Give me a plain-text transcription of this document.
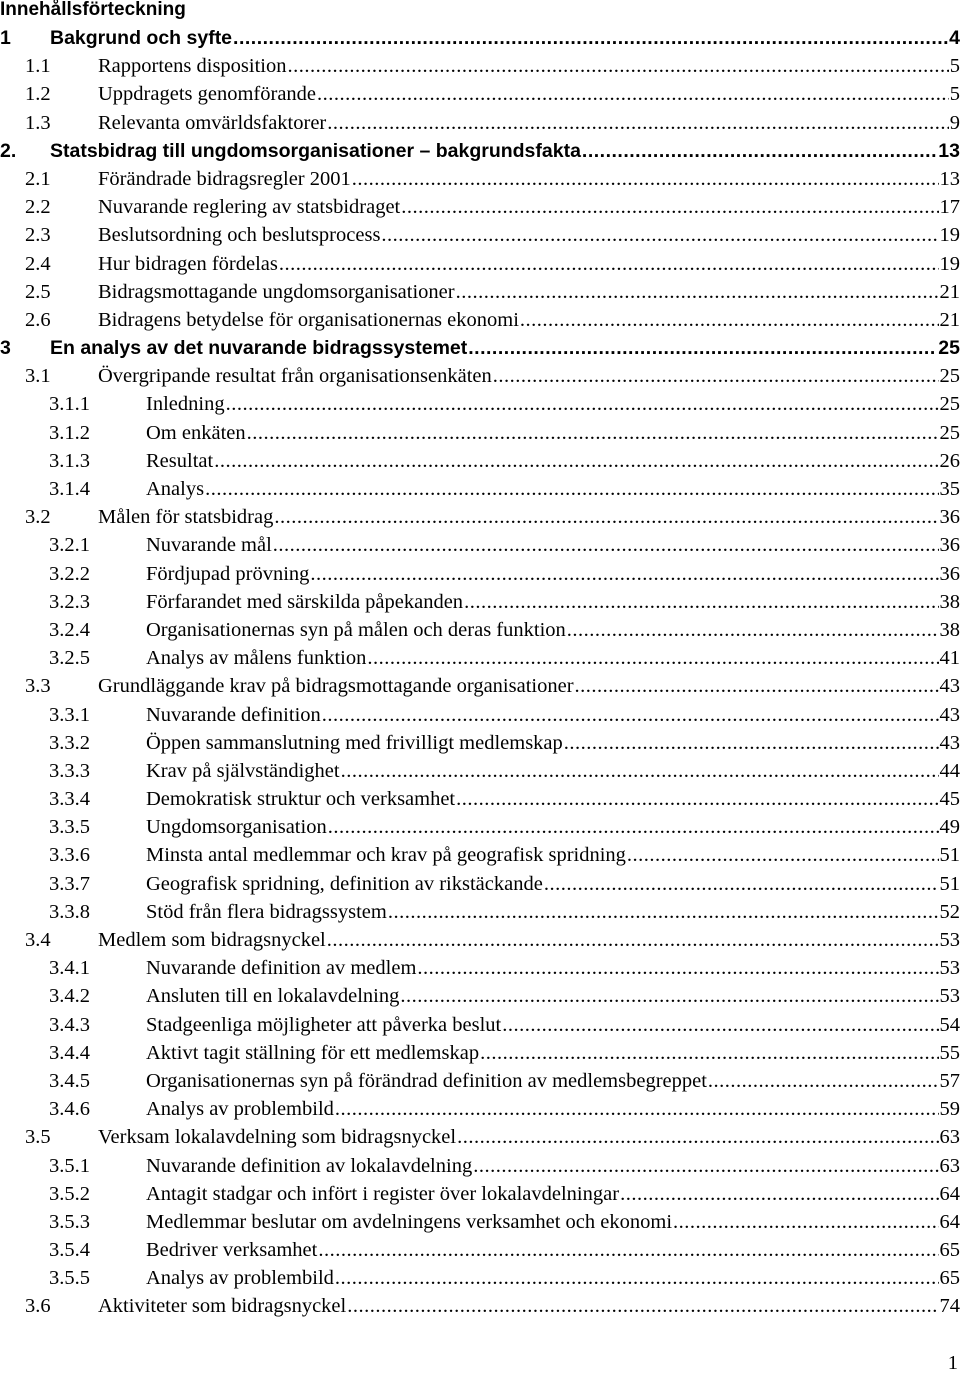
Innehållsförteckning
1	Bakgrund och syfte .....	4
1.1	Rapportens disposition .....	5
1.2	Uppdragets genomförande .....	5
1.3	Relevanta omvärldsfaktorer .....	9
2.	Statsbidrag till ungdomsorganisationer – bakgrundsfakta .....	13
2.1	Förändrade bidragsregler 2001 .....	13
2.2	Nuvarande reglering av statsbidraget .....	17
2.3	Beslutsordning och beslutsprocess .....	19
2.4	Hur bidragen fördelas .....	19
2.5	Bidragsmottagande ungdomsorganisationer .....	21
2.6	Bidragens betydelse för organisationernas ekonomi .....	21
3	En analys av det nuvarande bidragssystemet .....	25
3.1	Övergripande resultat från organisationsenkäten .....	25
3.1.1	Inledning .....	25
3.1.2	Om enkäten .....	25
3.1.3	Resultat .....	26
3.1.4	Analys .....	35
3.2	Målen för statsbidrag .....	36
3.2.1	Nuvarande mål .....	36
3.2.2	Fördjupad prövning .....	36
3.2.3	Förfarandet med särskilda påpekanden .....	38
3.2.4	Organisationernas syn på målen och deras funktion .....	38
3.2.5	Analys av målens funktion .....	41
3.3	Grundläggande krav på bidragsmottagande organisationer .....	43
3.3.1	Nuvarande definition .....	43
3.3.2	Öppen sammanslutning med frivilligt medlemskap .....	43
3.3.3	Krav på självständighet .....	44
3.3.4	Demokratisk struktur och verksamhet .....	45
3.3.5	Ungdomsorganisation .....	49
3.3.6	Minsta antal medlemmar och krav på geografisk spridning .....	51
3.3.7	Geografisk spridning, definition av rikstäckande .....	51
3.3.8	Stöd från flera bidragssystem .....	52
3.4	Medlem som bidragsnyckel .....	53
3.4.1	Nuvarande definition av medlem .....	53
3.4.2	Ansluten till en lokalavdelning .....	53
3.4.3	Stadgeenliga möjligheter att påverka beslut .....	54
3.4.4	Aktivt tagit ställning för ett medlemskap .....	55
3.4.5	Organisationernas syn på förändrad definition av medlemsbegreppet .....	57
3.4.6	Analys av problembild .....	59
3.5	Verksam lokalavdelning som bidragsnyckel .....	63
3.5.1	Nuvarande definition av lokalavdelning .....	63
3.5.2	Antagit stadgar och infört i register över lokalavdelningar .....	64
3.5.3	Medlemmar beslutar om avdelningens verksamhet och ekonomi .....	64
3.5.4	Bedriver verksamhet .....	65
3.5.5	Analys av problembild .....	65
3.6	Aktiviteter som bidragsnyckel .....	74
1
